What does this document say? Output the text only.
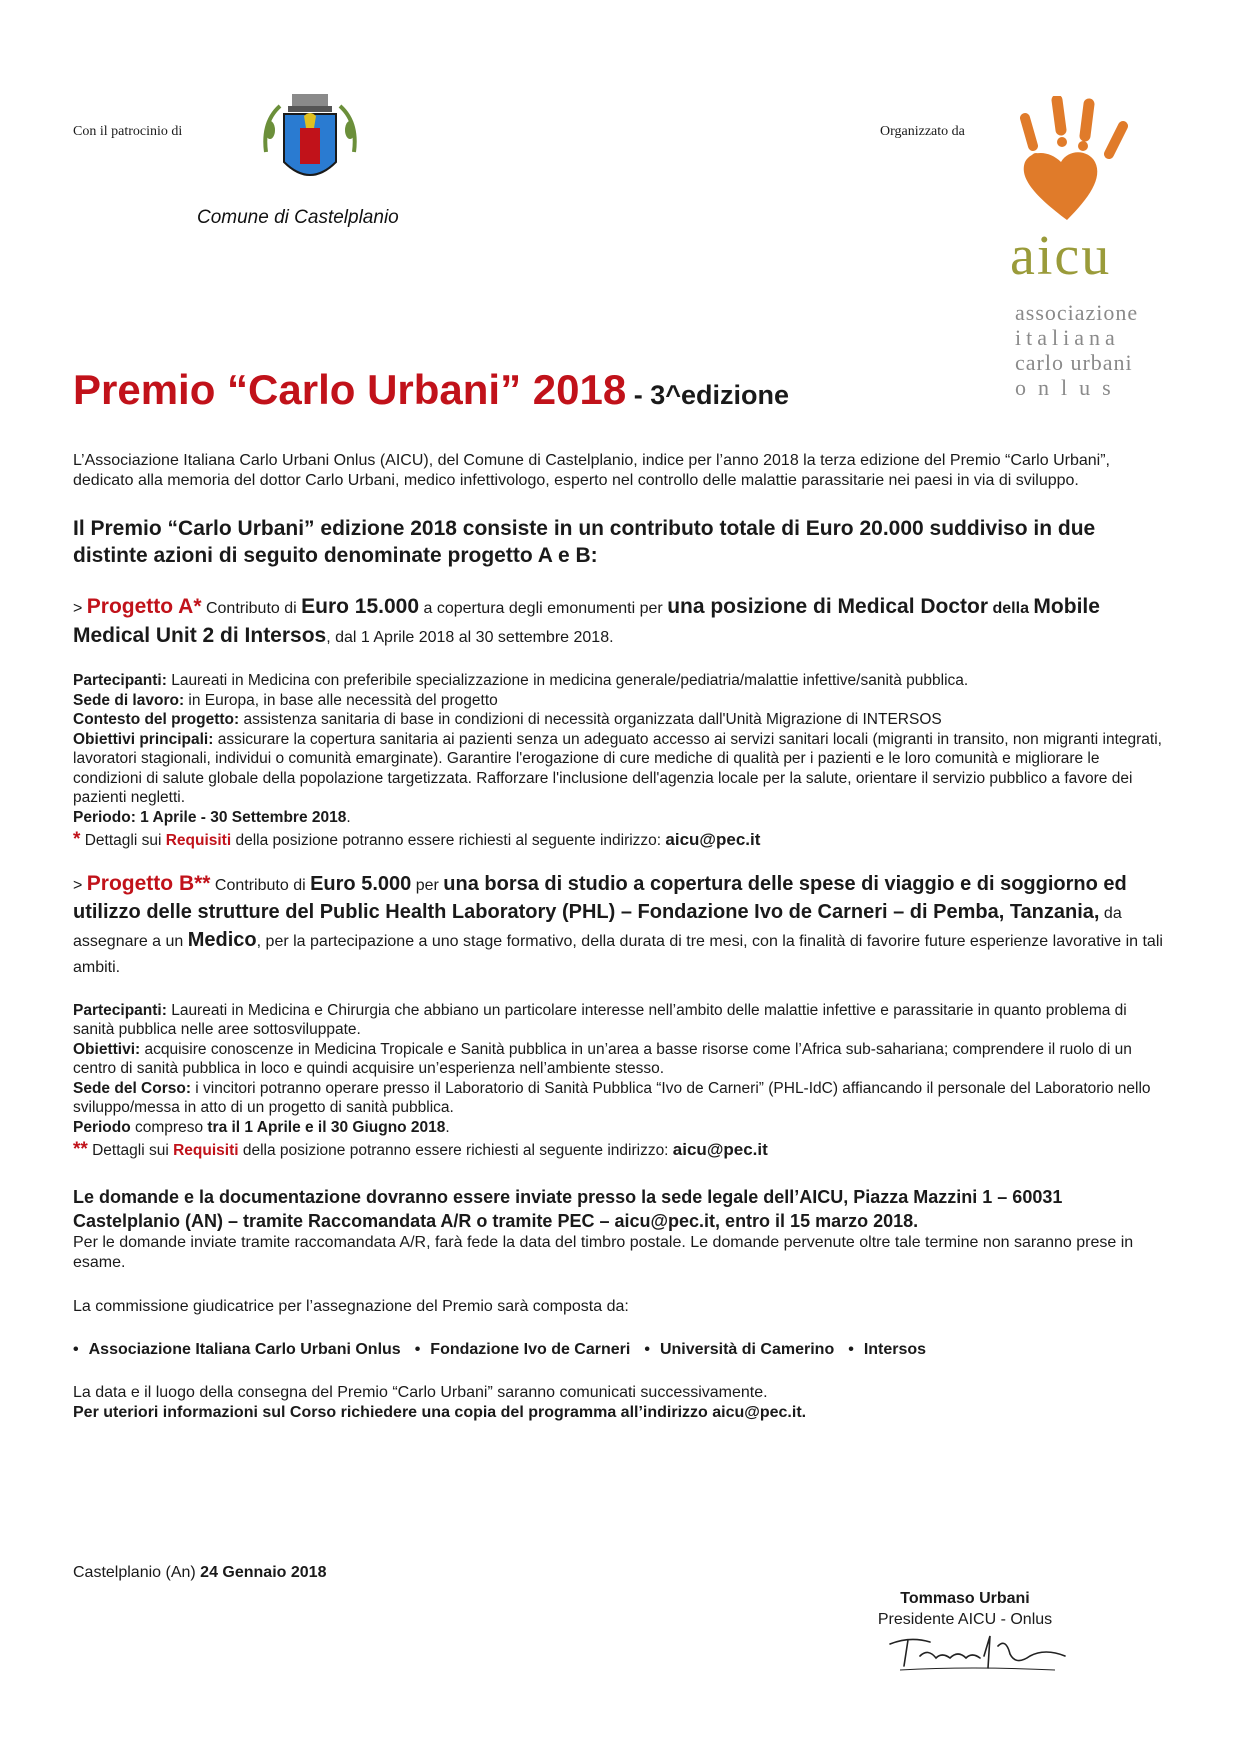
Con il patrocinio di
Comune di Castelplanio
Organizzato da
aicu
associazione
italiana
carlo urbani
onlus
Premio “Carlo Urbani” 2018 - 3^edizione

L’Associazione Italiana Carlo Urbani Onlus (AICU), del Comune di Castelplanio, indice per l’anno 2018 la terza edizione del Premio “Carlo Urbani”, dedicato alla memoria del dottor Carlo Urbani, medico infettivologo, esperto nel controllo delle malattie parassitarie nei paesi in via di sviluppo.

Il Premio “Carlo Urbani” edizione 2018 consiste in un contributo totale di Euro 20.000 suddiviso in due distinte azioni di seguito denominate progetto A e B:

> Progetto A* Contributo di Euro 15.000 a copertura degli emonumenti per una posizione di Medical Doctor della Mobile Medical Unit 2 di Intersos, dal 1 Aprile 2018 al 30 settembre 2018.

Partecipanti: Laureati in Medicina con preferibile specializzazione in medicina generale/pediatria/malattie infettive/sanità pubblica.

Sede di lavoro: in Europa, in base alle necessità del progetto

Contesto del progetto: assistenza sanitaria di base in condizioni di necessità organizzata dall'Unità Migrazione di INTERSOS

Obiettivi principali: assicurare la copertura sanitaria ai pazienti senza un adeguato accesso ai servizi sanitari locali (migranti in transito, non migranti integrati, lavoratori stagionali, individui o comunità emarginate). Garantire l'erogazione di cure mediche di qualità per i pazienti e le loro comunità e migliorare le condizioni di salute globale della popolazione targetizzata. Rafforzare l'inclusione dell'agenzia locale per la salute, orientare il servizio pubblico a favore dei pazienti negletti.

Periodo: 1 Aprile - 30 Settembre 2018.

* Dettagli sui Requisiti della posizione potranno essere richiesti al seguente indirizzo: aicu@pec.it

> Progetto B** Contributo di Euro 5.000 per una borsa di studio a copertura delle spese di viaggio e di soggiorno ed utilizzo delle strutture del Public Health Laboratory (PHL) – Fondazione Ivo de Carneri – di Pemba, Tanzania, da assegnare a un Medico, per la partecipazione a uno stage formativo, della durata di tre mesi, con la finalità di favorire future esperienze lavorative in tali ambiti.

Partecipanti: Laureati in Medicina e Chirurgia che abbiano un particolare interesse nell’ambito delle malattie infettive e parassitarie in quanto problema di sanità pubblica nelle aree sottosviluppate.

Obiettivi: acquisire conoscenze in Medicina Tropicale e Sanità pubblica in un’area a basse risorse come l’Africa sub-sahariana; comprendere il ruolo di un centro di sanità pubblica in loco e quindi acquisire un’esperienza nell’ambiente stesso.

Sede del Corso: i vincitori potranno operare presso il Laboratorio di Sanità Pubblica “Ivo de Carneri” (PHL-IdC) affiancando il personale del Laboratorio nello sviluppo/messa in atto di un progetto di sanità pubblica.

Periodo compreso tra il 1 Aprile e il 30 Giugno 2018.

** Dettagli sui Requisiti della posizione potranno essere richiesti al seguente indirizzo: aicu@pec.it

Le domande e la documentazione dovranno essere inviate presso la sede legale dell’AICU, Piazza Mazzini 1 – 60031 Castelplanio (AN) – tramite Raccomandata A/R o tramite PEC – aicu@pec.it, entro il 15 marzo 2018.

Per le domande inviate tramite raccomandata A/R, farà fede la data del timbro postale. Le domande pervenute oltre tale termine non saranno prese in esame.

La commissione giudicatrice per l’assegnazione del Premio sarà composta da:

• Associazione Italiana Carlo Urbani Onlus	• Fondazione Ivo de Carneri	• Università di Camerino	• Intersos

La data e il luogo della consegna del Premio “Carlo Urbani” saranno comunicati successivamente.

Per uteriori informazioni sul Corso richiedere una copia del programma all’indirizzo aicu@pec.it.

Castelplanio (An) 24 Gennaio 2018
Tommaso Urbani
Presidente AICU - Onlus
